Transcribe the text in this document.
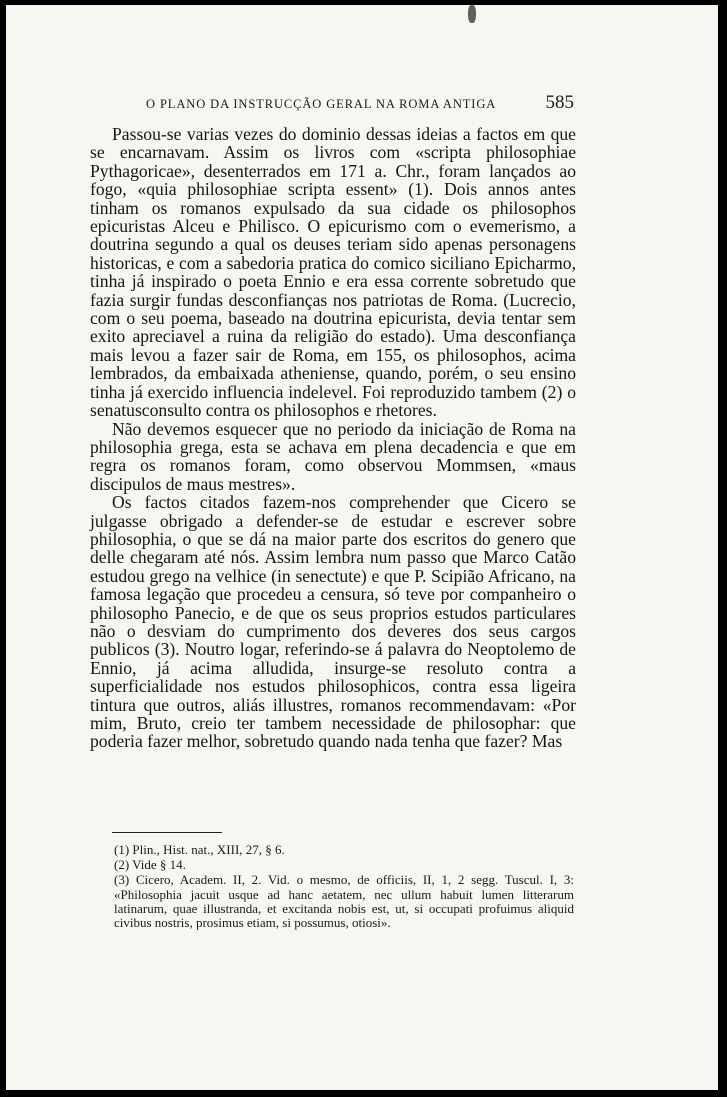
O PLANO DA INSTRUCÇÃO GERAL NA ROMA ANTIGA	585

Passou-se varias vezes do dominio dessas ideias a factos em que se encarnavam. Assim os livros com «scripta philosophiae Pythagoricae», desenterrados em 171 a. Chr., foram lançados ao fogo, «quia philosophiae scripta essent» (1). Dois annos antes tinham os romanos expulsado da sua cidade os philosophos epicuristas Alceu e Philisco. O epicurismo com o evemerismo, a doutrina segundo a qual os deuses teriam sido apenas personagens historicas, e com a sabedoria pratica do comico siciliano Epicharmo, tinha já inspirado o poeta Ennio e era essa corrente sobretudo que fazia surgir fundas desconfianças nos patriotas de Roma. (Lucrecio, com o seu poema, baseado na doutrina epicurista, devia tentar sem exito apreciavel a ruina da religião do estado). Uma desconfiança mais levou a fazer sair de Roma, em 155, os philosophos, acima lembrados, da embaixada atheniense, quando, porém, o seu ensino tinha já exercido influencia indelevel. Foi reproduzido tambem (2) o senatusconsulto contra os philosophos e rhetores.

Não devemos esquecer que no periodo da iniciação de Roma na philosophia grega, esta se achava em plena decadencia e que em regra os romanos foram, como observou Mommsen, «maus discipulos de maus mestres».

Os factos citados fazem-nos comprehender que Cicero se julgasse obrigado a defender-se de estudar e escrever sobre philosophia, o que se dá na maior parte dos escritos do genero que delle chegaram até nós. Assim lembra num passo que Marco Catão estudou grego na velhice (in senectute) e que P. Scipião Africano, na famosa legação que procedeu a censura, só teve por companheiro o philosopho Panecio, e de que os seus proprios estudos particulares não o desviam do cumprimento dos deveres dos seus cargos publicos (3). Noutro logar, referindo-se á palavra do Neoptolemo de Ennio, já acima alludida, insurge-se resoluto contra a superficialidade nos estudos philosophicos, contra essa ligeira tintura que outros, aliás illustres, romanos recommendavam: «Por mim, Bruto, creio ter tambem necessidade de philosophar: que poderia fazer melhor, sobretudo quando nada tenha que fazer? Mas

(1) Plin., Hist. nat., XIII, 27, § 6.

(2) Vide § 14.

(3) Cicero, Academ. II, 2. Vid. o mesmo, de officiis, II, 1, 2 segg. Tuscul. I, 3: «Philosophia jacuit usque ad hanc aetatem, nec ullum habuit lumen litterarum latinarum, quae illustranda, et excitanda nobis est, ut, si occupati profuimus aliquid civibus nostris, prosimus etiam, si possumus, otiosi».
